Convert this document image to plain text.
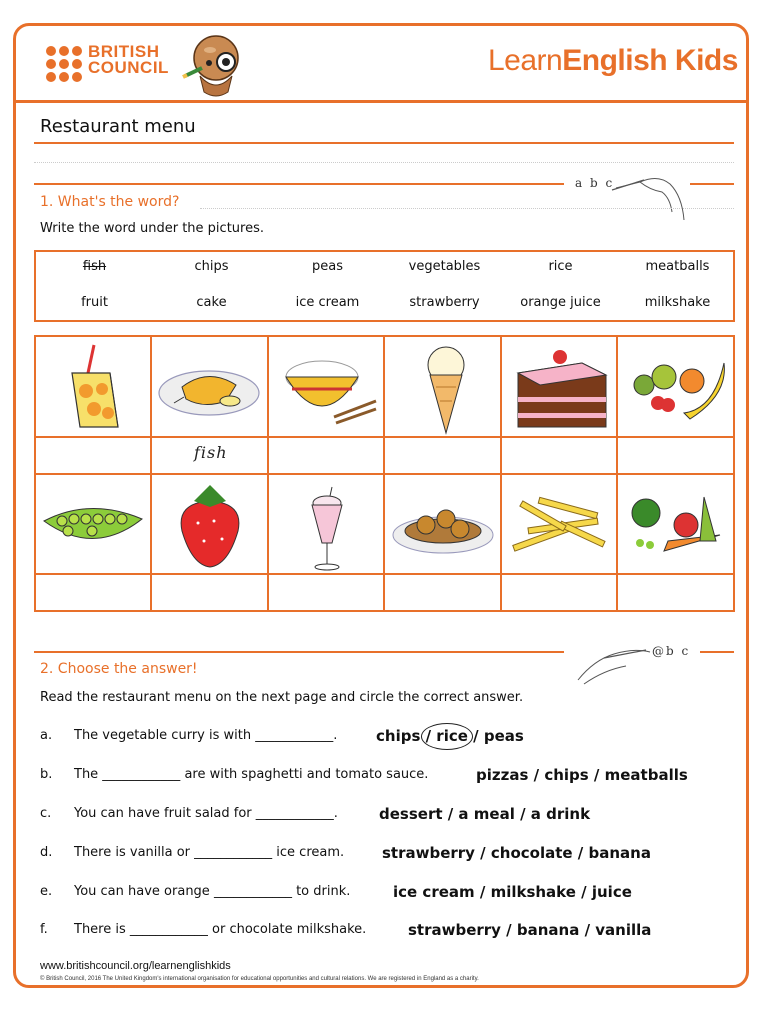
BRITISH
COUNCIL	LearnEnglish Kids
Restaurant menu
a b c
1. What's the word?
Write the word under the pictures.
fish	chips	peas	vegetables	rice	meatballs
fruit	cake	ice cream	strawberry	orange juice	milkshake
fish
@b c
2. Choose the answer!
Read the restaurant menu on the next page and circle the correct answer.
a. The vegetable curry is with ____________.	chips / rice / peas
b. The ____________ are with spaghetti and tomato sauce.	pizzas / chips / meatballs
c. You can have fruit salad for ____________.	dessert / a meal / a drink
d. There is vanilla or ____________ ice cream.	strawberry / chocolate / banana
e. You can have orange ____________ to drink.	ice cream / milkshake / juice
f. There is ____________ or chocolate milkshake.	strawberry / banana / vanilla
www.britishcouncil.org/learnenglishkids
© British Council, 2016 The United Kingdom's international organisation for educational opportunities and cultural relations. We are registered in England as a charity.
